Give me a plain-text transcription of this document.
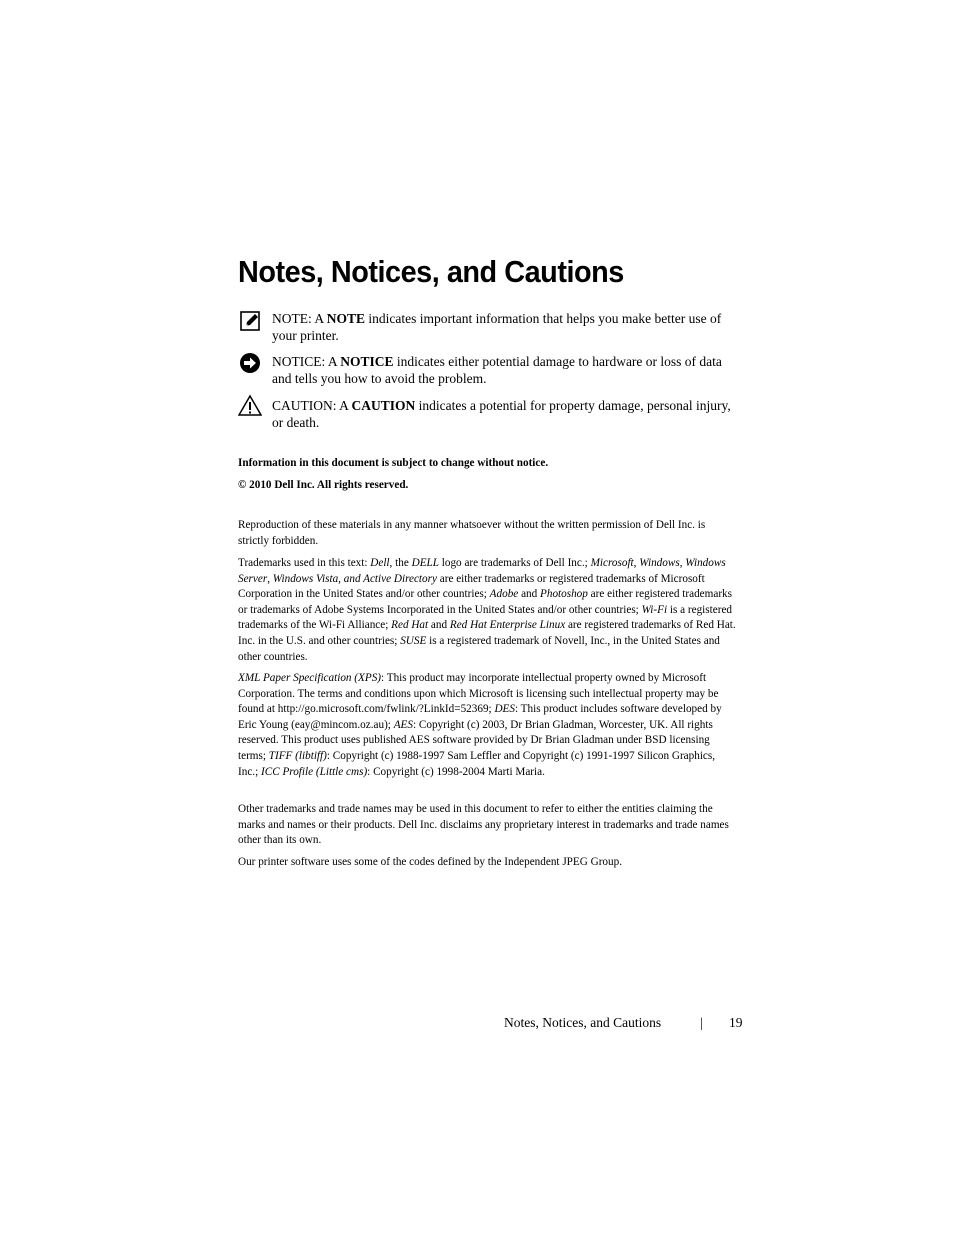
Notes, Notices, and Cautions

NOTE: A NOTE indicates important information that helps you make better use of your printer.

NOTICE: A NOTICE indicates either potential damage to hardware or loss of data and tells you how to avoid the problem.

CAUTION: A CAUTION indicates a potential for property damage, personal injury, or death.

Information in this document is subject to change without notice.
© 2010 Dell Inc. All rights reserved.
Reproduction of these materials in any manner whatsoever without the written permission of Dell Inc. is strictly forbidden.
Trademarks used in this text: Dell, the DELL logo are trademarks of Dell Inc.; Microsoft, Windows, Windows Server, Windows Vista, and Active Directory are either trademarks or registered trademarks of Microsoft Corporation in the United States and/or other countries; Adobe and Photoshop are either registered trademarks or trademarks of Adobe Systems Incorporated in the United States and/or other countries; Wi-Fi is a registered trademarks of the Wi-Fi Alliance; Red Hat and Red Hat Enterprise Linux are registered trademarks of Red Hat. Inc. in the U.S. and other countries; SUSE is a registered trademark of Novell, Inc., in the United States and other countries.
XML Paper Specification (XPS): This product may incorporate intellectual property owned by Microsoft Corporation. The terms and conditions upon which Microsoft is licensing such intellectual property may be found at http://go.microsoft.com/fwlink/?LinkId=52369; DES: This product includes software developed by Eric Young (eay@mincom.oz.au); AES: Copyright (c) 2003, Dr Brian Gladman, Worcester, UK. All rights reserved. This product uses published AES software provided by Dr Brian Gladman under BSD licensing terms; TIFF (libtiff): Copyright (c) 1988-1997 Sam Leffler and Copyright (c) 1991-1997 Silicon Graphics, Inc.; ICC Profile (Little cms): Copyright (c) 1998-2004 Marti Maria.
Other trademarks and trade names may be used in this document to refer to either the entities claiming the marks and names or their products. Dell Inc. disclaims any proprietary interest in trademarks and trade names other than its own.
Our printer software uses some of the codes defined by the Independent JPEG Group.
Notes, Notices, and Cautions	| 19
